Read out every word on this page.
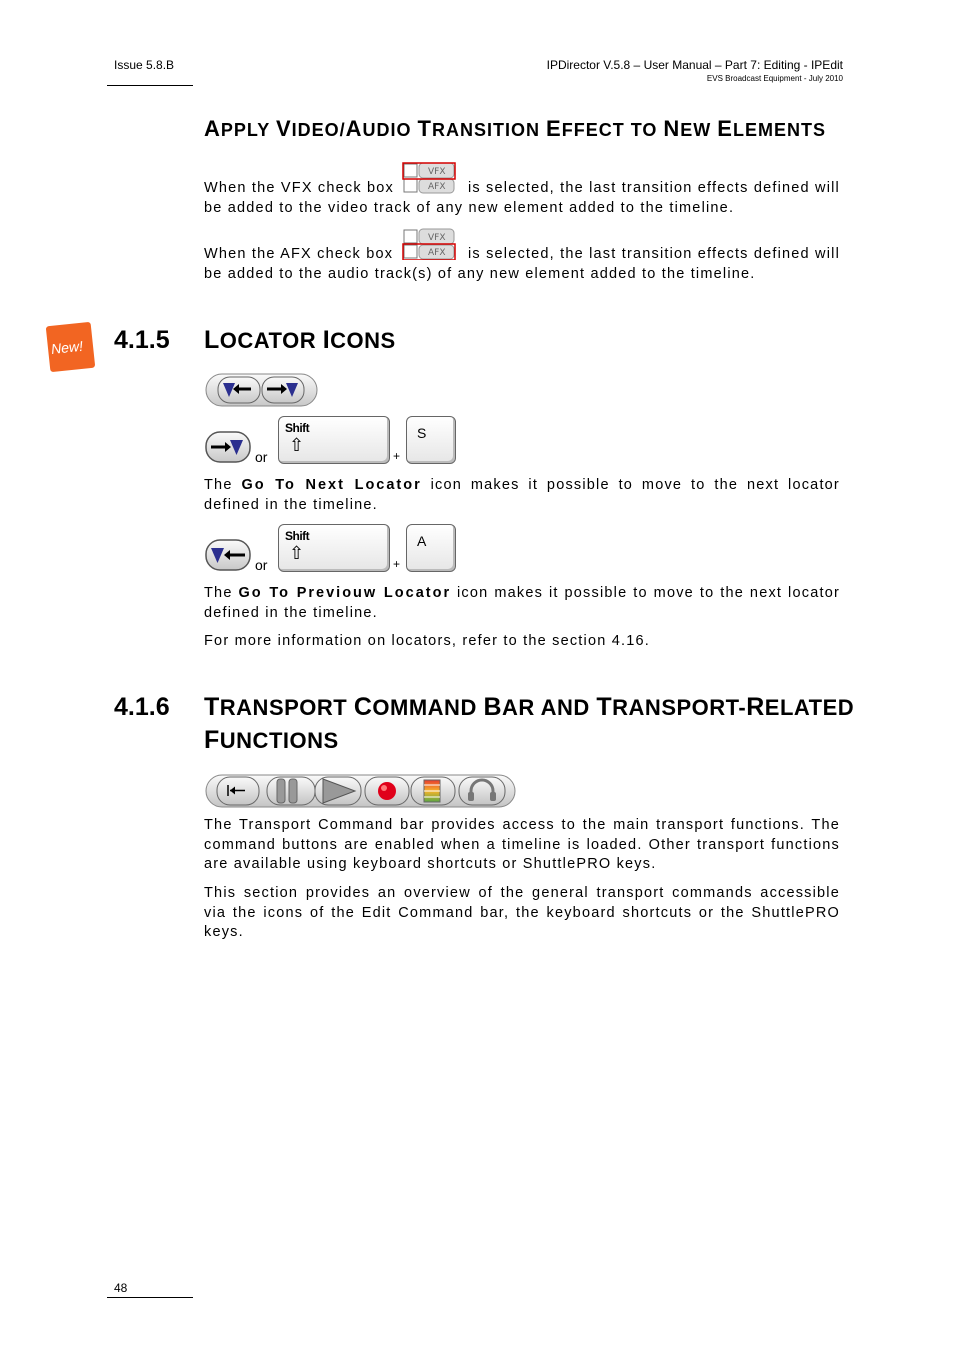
Issue 5.8.B	IPDirector V.5.8 – User Manual – Part 7: Editing - IPEdit
EVS Broadcast Equipment - July 2010
APPLY VIDEO/AUDIO TRANSITION EFFECT TO NEW ELEMENTS
When the VFX check box	is selected, the last transition effects defined will
be added to the video track of any new element added to the timeline.
VFX
AFX
When the AFX check box	is selected, the last transition effects defined will
be added to the audio track(s) of any new element added to the timeline.
VFX
AFX
New! 4.1.5 LOCATOR ICONS
or
Shift
⇧
+
S
The Go To Next Locator icon makes it possible to move to the next locator defined in the timeline.
or
Shift
⇧
+
A
The Go To Previouw Locator icon makes it possible to move to the next locator defined in the timeline.
For more information on locators, refer to the section 4.16.
4.1.6 TRANSPORT COMMAND BAR AND TRANSPORT-RELATED
FUNCTIONS
The Transport Command bar provides access to the main transport functions. The command buttons are enabled when a timeline is loaded. Other transport functions are available using keyboard shortcuts or ShuttlePRO keys.
This section provides an overview of the general transport commands accessible via the icons of the Edit Command bar, the keyboard shortcuts or the ShuttlePRO keys.
48
